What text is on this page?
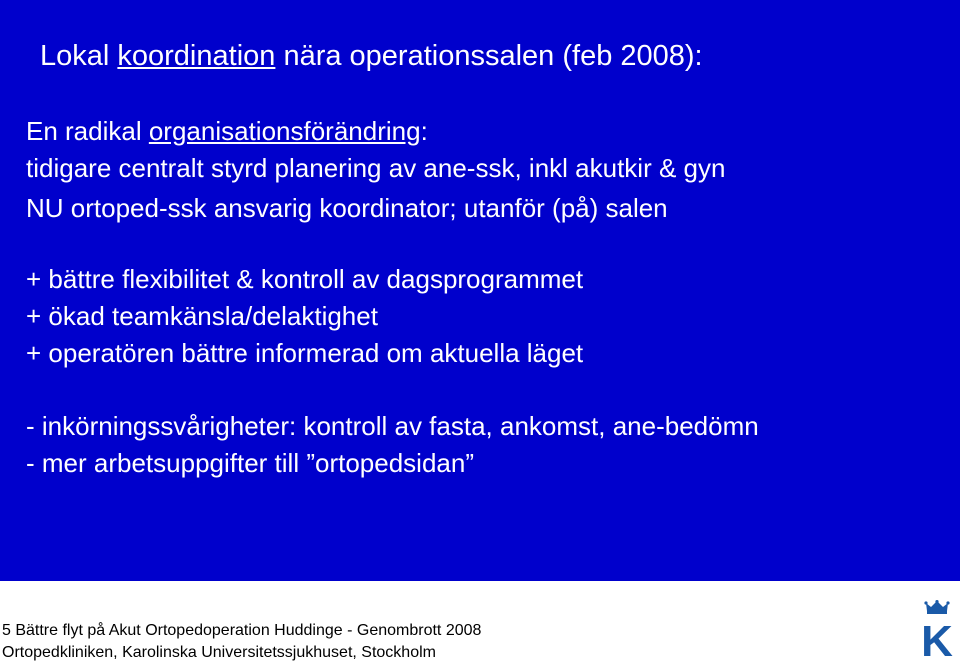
Lokal koordination nära operationssalen (feb 2008):
En radikal organisationsförändring:
tidigare centralt styrd planering av ane-ssk, inkl akutkir & gyn
NU ortoped-ssk ansvarig koordinator; utanför (på) salen
+ bättre flexibilitet & kontroll av dagsprogrammet
+ ökad teamkänsla/delaktighet
+ operatören bättre informerad om aktuella läget
- inkörningssvårigheter: kontroll av fasta, ankomst, ane-bedömn
- mer arbetsuppgifter till ”ortopedsidan”
5 Bättre flyt på Akut Ortopedoperation Huddinge - Genombrott 2008
Ortopedkliniken, Karolinska Universitetssjukhuset, Stockholm	K
